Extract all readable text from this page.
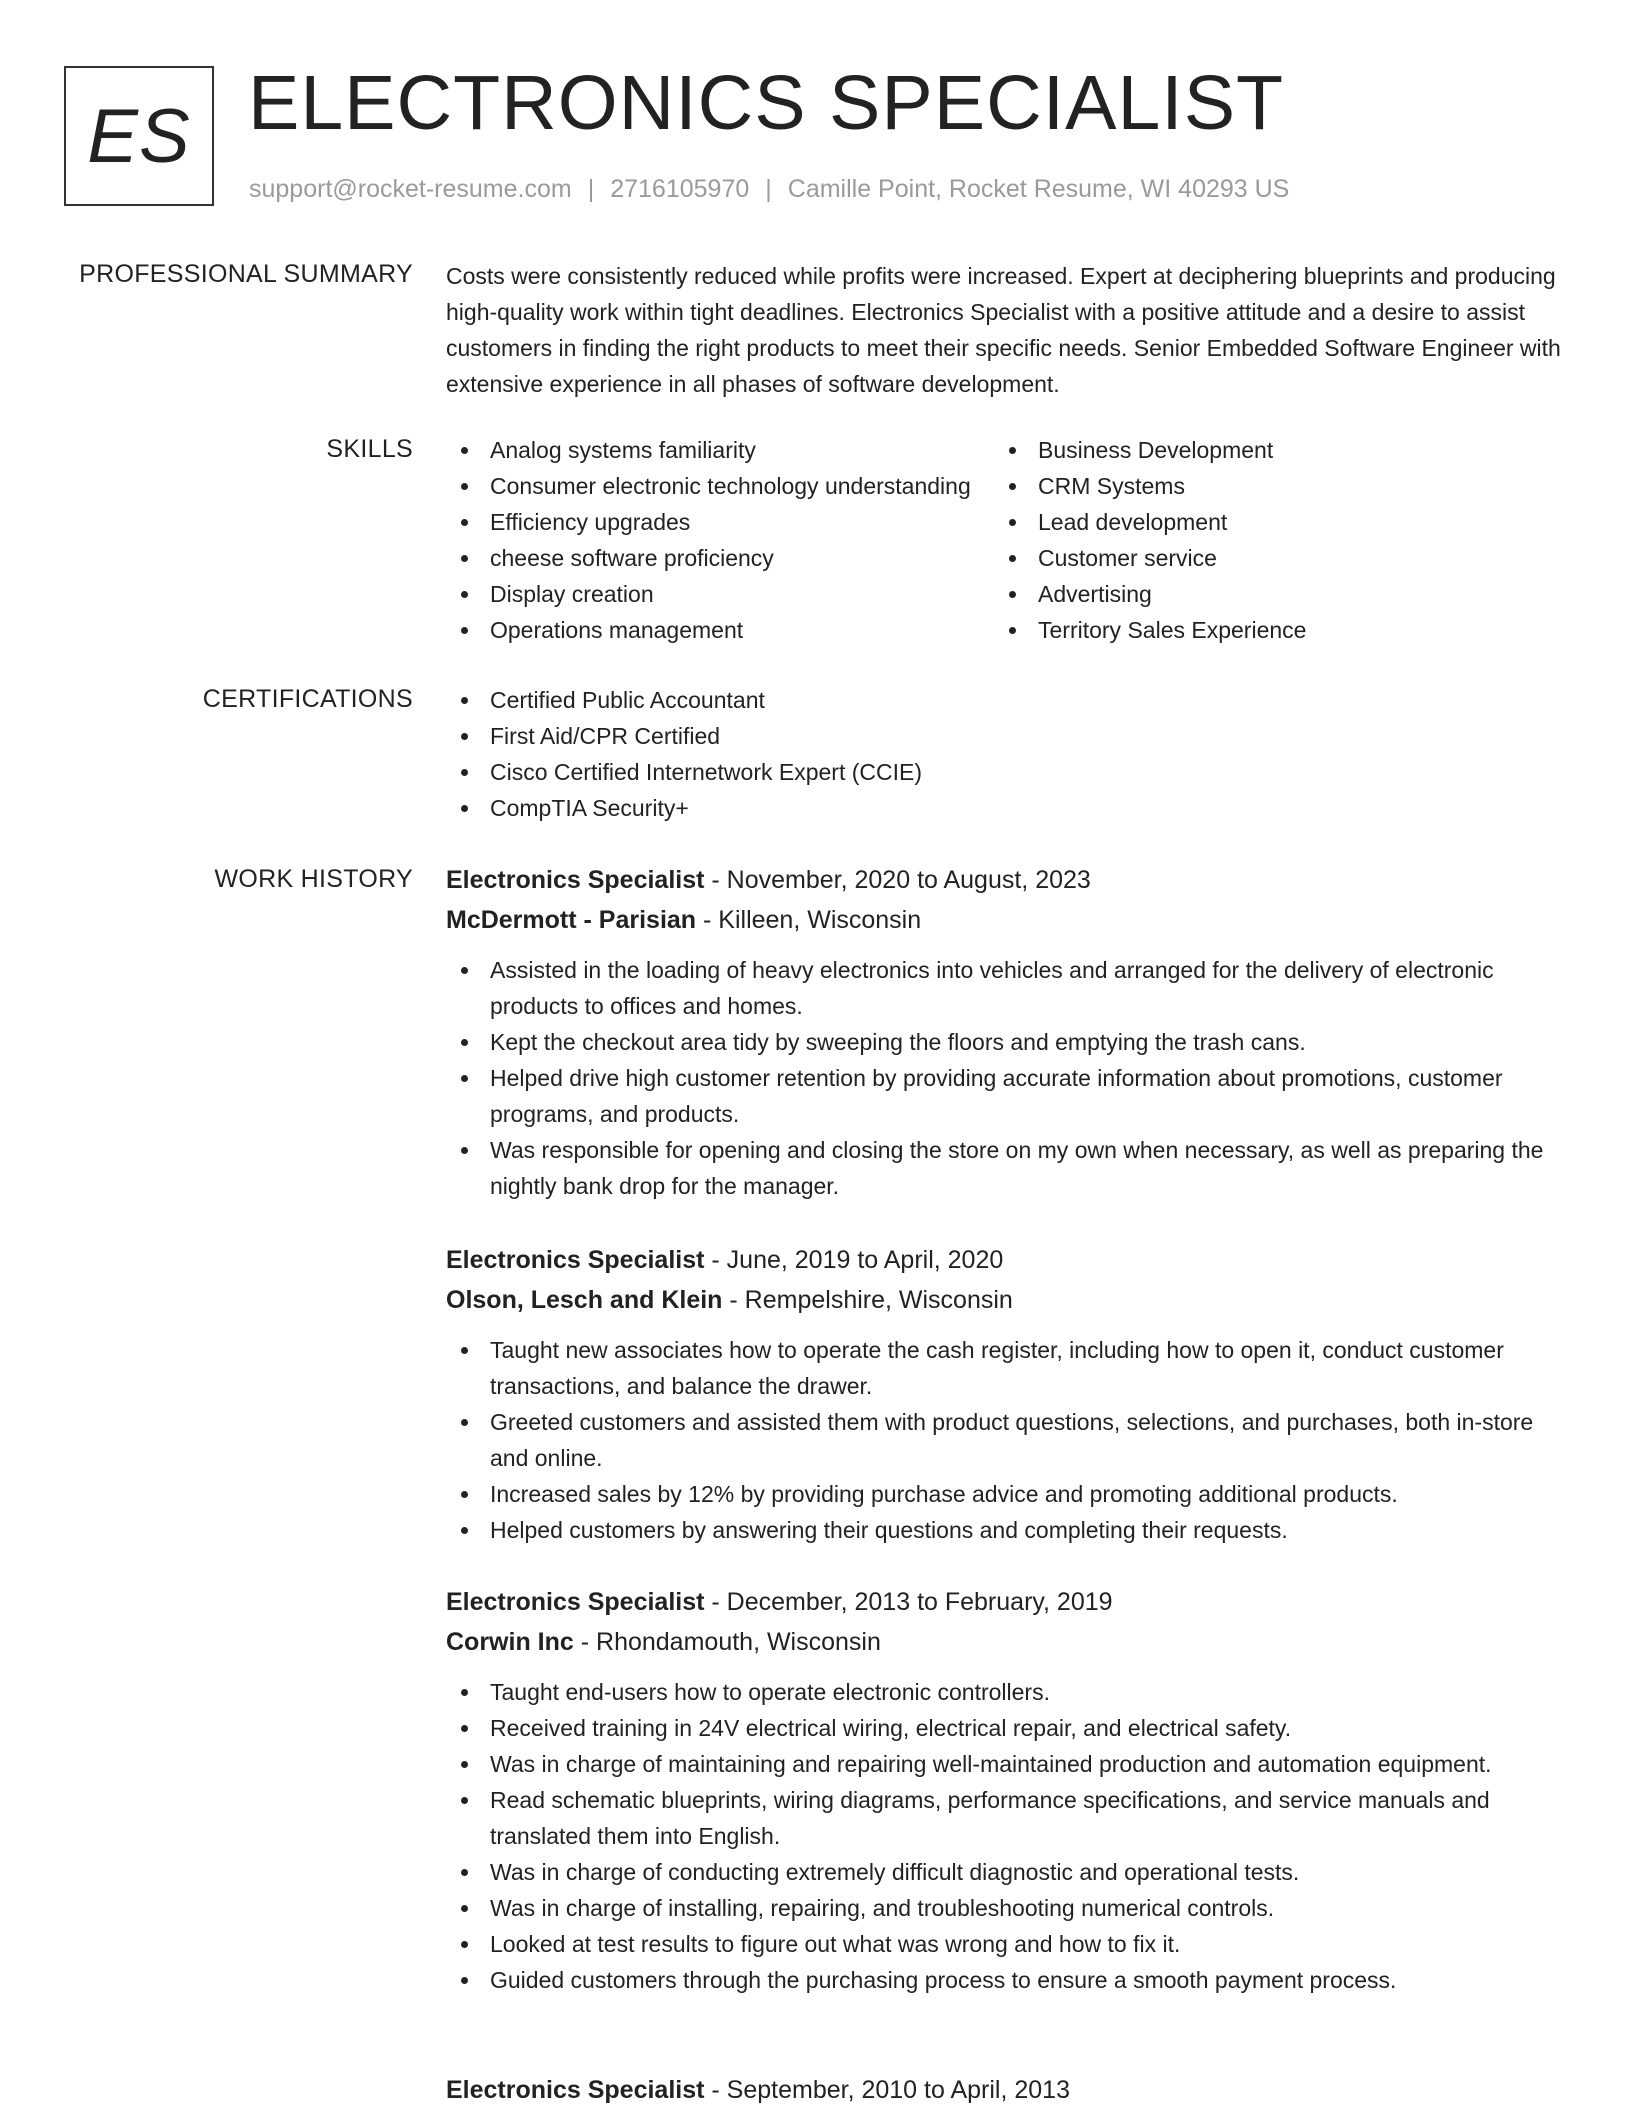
ES ELECTRONICS SPECIALIST
support@rocket-resume.com | 2716105970 | Camille Point, Rocket Resume, WI 40293 US
PROFESSIONAL SUMMARY Costs were consistently reduced while profits were increased. Expert at deciphering blueprints and producing high-quality work within tight deadlines. Electronics Specialist with a positive attitude and a desire to assist customers in finding the right products to meet their specific needs. Senior Embedded Software Engineer with extensive experience in all phases of software development.
SKILLS	Analog systems familiarity
Consumer electronic technology understanding
Efficiency upgrades
cheese software proficiency
Display creation
Operations management
Business Development
CRM Systems
Lead development
Customer service
Advertising
Territory Sales Experience
CERTIFICATIONS	Certified Public Accountant
First Aid/CPR Certified
Cisco Certified Internetwork Expert (CCIE)
CompTIA Security+
WORK HISTORY Electronics Specialist - November, 2020 to August, 2023
McDermott - Parisian - Killeen, Wisconsin
Assisted in the loading of heavy electronics into vehicles and arranged for the delivery of electronic products to offices and homes.
Kept the checkout area tidy by sweeping the floors and emptying the trash cans.
Helped drive high customer retention by providing accurate information about promotions, customer programs, and products.
Was responsible for opening and closing the store on my own when necessary, as well as preparing the nightly bank drop for the manager.
Electronics Specialist - June, 2019 to April, 2020
Olson, Lesch and Klein - Rempelshire, Wisconsin
Taught new associates how to operate the cash register, including how to open it, conduct customer transactions, and balance the drawer.
Greeted customers and assisted them with product questions, selections, and purchases, both in-store and online.
Increased sales by 12% by providing purchase advice and promoting additional products.
Helped customers by answering their questions and completing their requests.
Electronics Specialist - December, 2013 to February, 2019
Corwin Inc - Rhondamouth, Wisconsin
Taught end-users how to operate electronic controllers.
Received training in 24V electrical wiring, electrical repair, and electrical safety.
Was in charge of maintaining and repairing well-maintained production and automation equipment.
Read schematic blueprints, wiring diagrams, performance specifications, and service manuals and translated them into English.
Was in charge of conducting extremely difficult diagnostic and operational tests.
Was in charge of installing, repairing, and troubleshooting numerical controls.
Looked at test results to figure out what was wrong and how to fix it.
Guided customers through the purchasing process to ensure a smooth payment process.
Electronics Specialist - September, 2010 to April, 2013
